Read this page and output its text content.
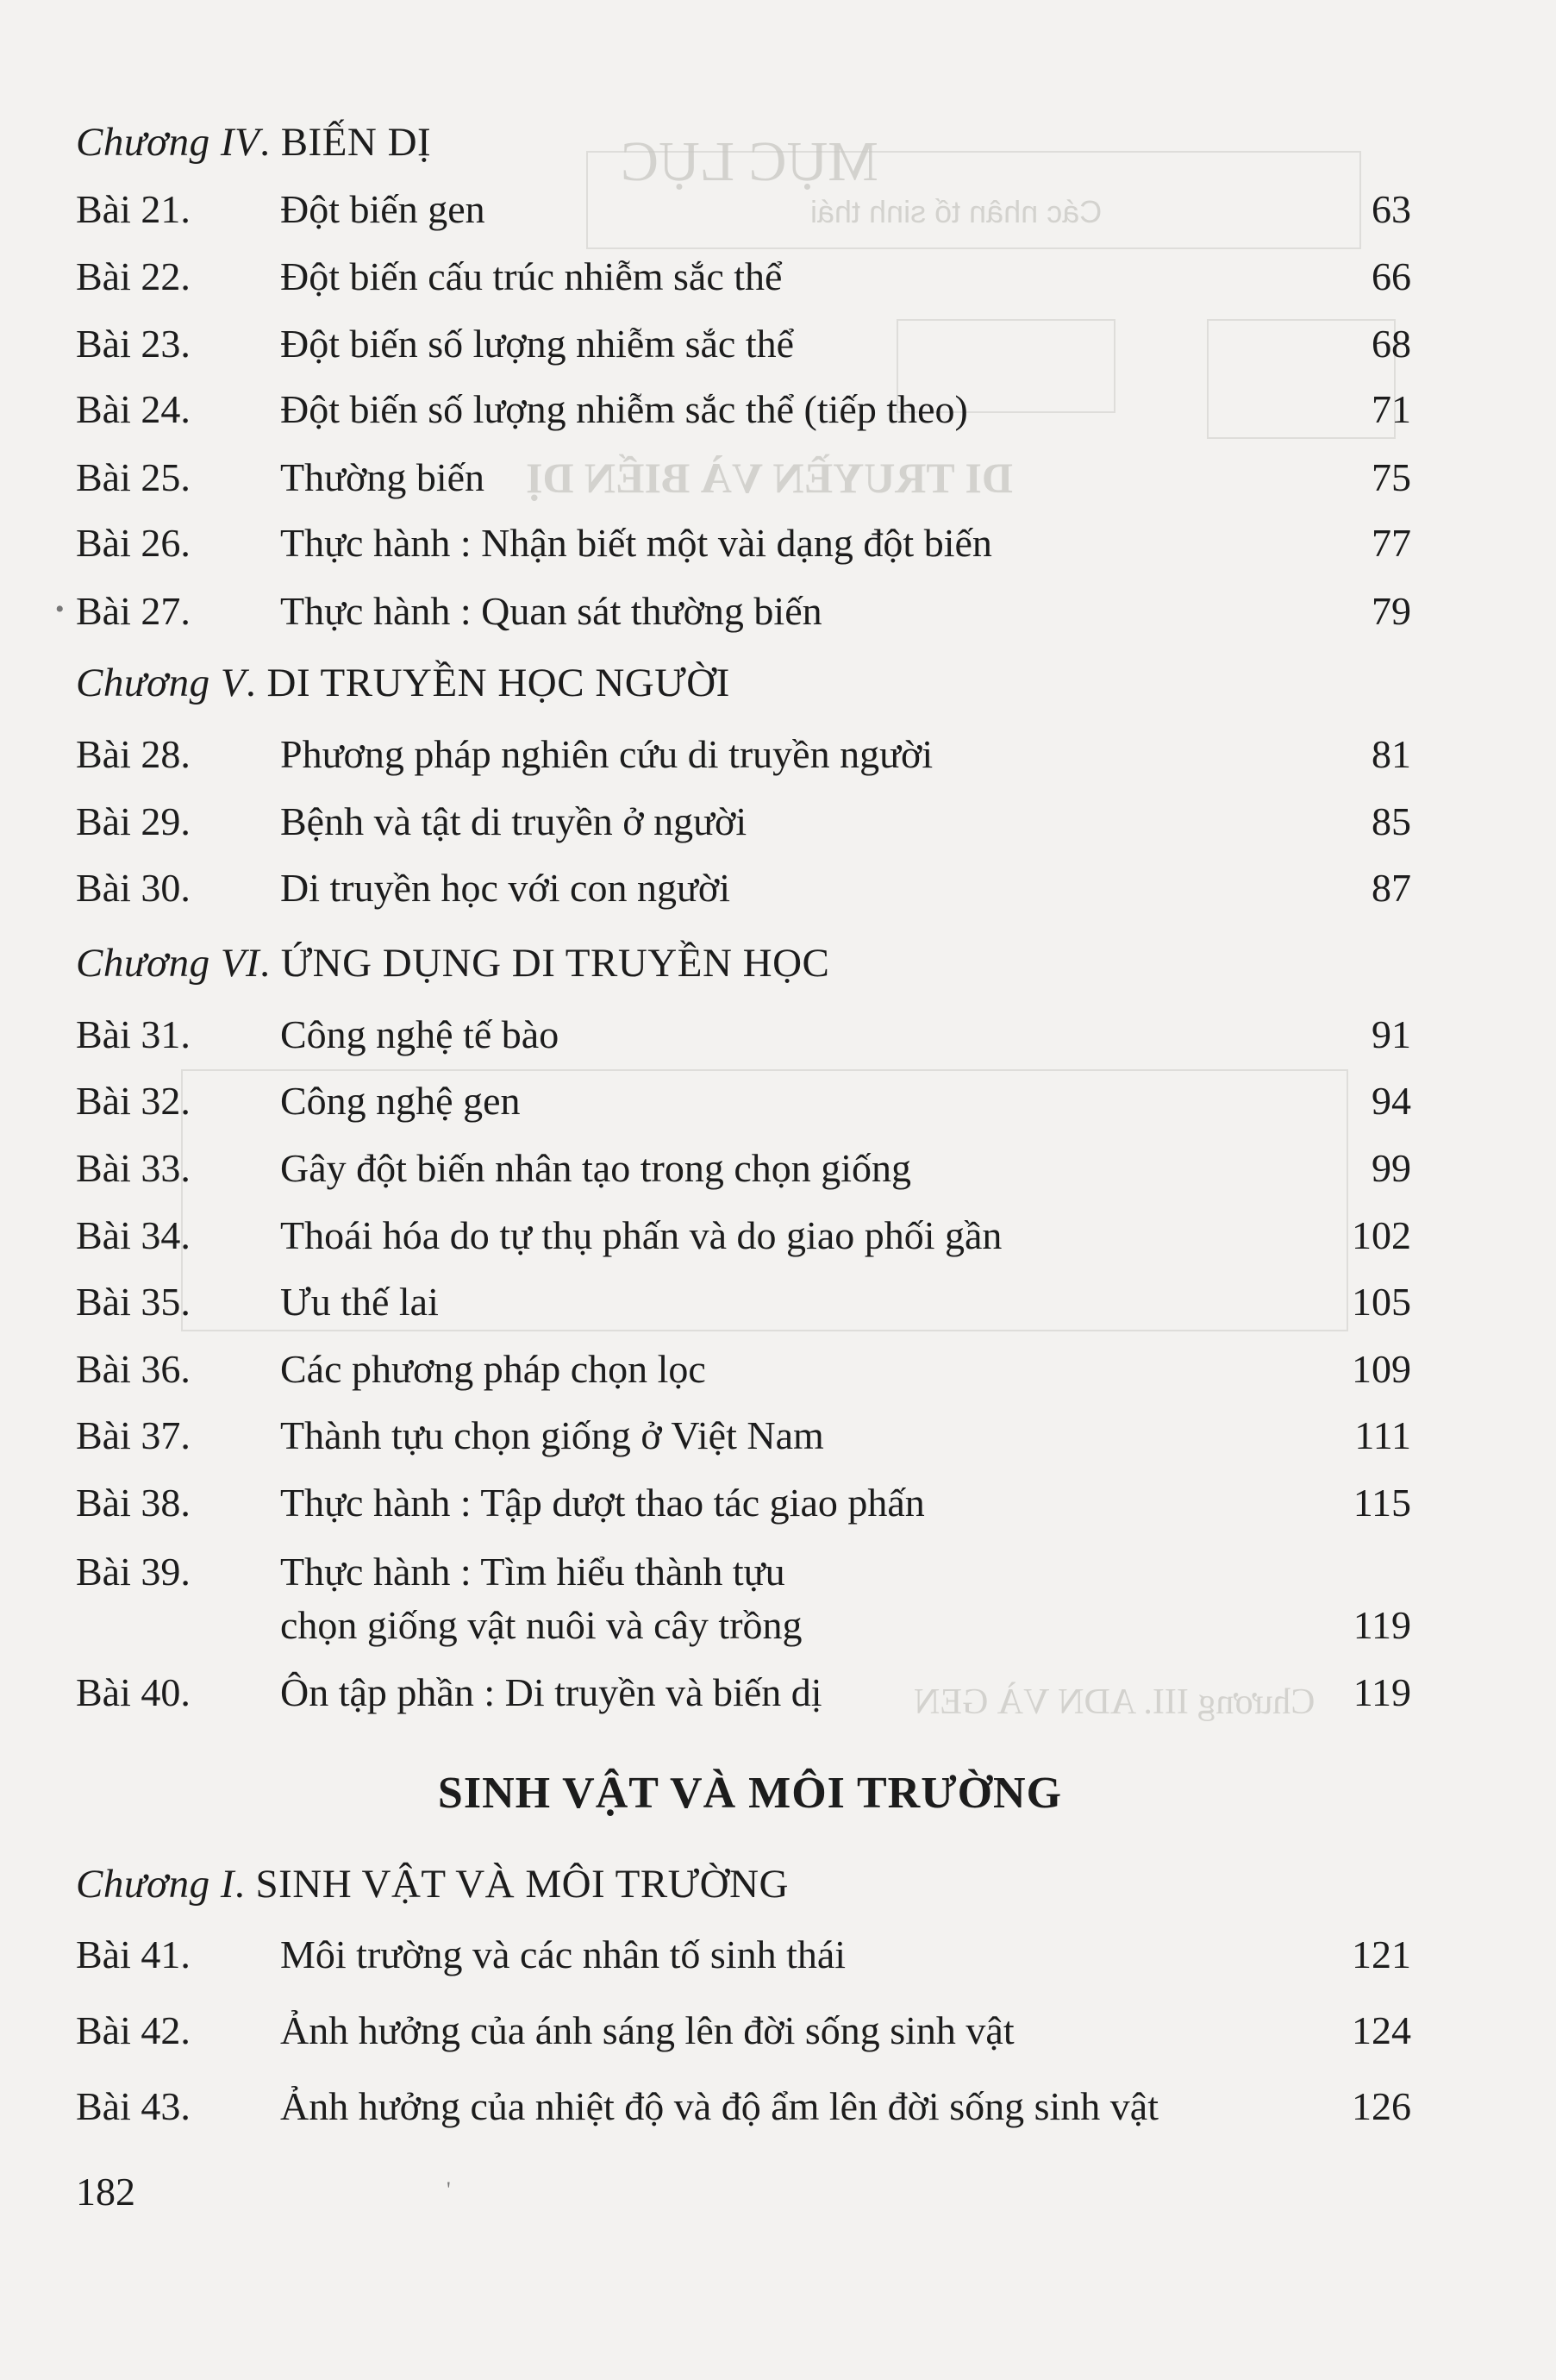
MỤC LỤC
Các nhân tố sinh thái
DI TRUYỀN VÀ BIẾN DỊ
Chương III. ADN VÀ GEN
Chương IV. BIẾN DỊ
Bài 21. Đột biến gen	63
Bài 22. Đột biến cấu trúc nhiễm sắc thể	66
Bài 23. Đột biến số lượng nhiễm sắc thể	68
Bài 24. Đột biến số lượng nhiễm sắc thể (tiếp theo)	71
Bài 25. Thường biến	75
Bài 26. Thực hành : Nhận biết một vài dạng đột biến	77
• Bài 27. Thực hành : Quan sát thường biến	79
Chương V. DI TRUYỀN HỌC NGƯỜI
Bài 28. Phương pháp nghiên cứu di truyền người	81
Bài 29. Bệnh và tật di truyền ở người	85
Bài 30. Di truyền học với con người	87
Chương VI. ỨNG DỤNG DI TRUYỀN HỌC
Bài 31. Công nghệ tế bào	91
Bài 32. Công nghệ gen	94
Bài 33. Gây đột biến nhân tạo trong chọn giống	99
Bài 34. Thoái hóa do tự thụ phấn và do giao phối gần	102
Bài 35. Ưu thế lai	105
Bài 36. Các phương pháp chọn lọc	109
Bài 37. Thành tựu chọn giống ở Việt Nam	111
Bài 38. Thực hành : Tập dượt thao tác giao phấn	115
Bài 39. Thực hành : Tìm hiểu thành tựu
chọn giống vật nuôi và cây trồng	119
Bài 40. Ôn tập phần : Di truyền và biến dị	119
SINH VẬT VÀ MÔI TRƯỜNG
Chương I. SINH VẬT VÀ MÔI TRƯỜNG
Bài 41. Môi trường và các nhân tố sinh thái	121
Bài 42. Ảnh hưởng của ánh sáng lên đời sống sinh vật	124
Bài 43. Ảnh hưởng của nhiệt độ và độ ẩm lên đời sống sinh vật	126
182	'
